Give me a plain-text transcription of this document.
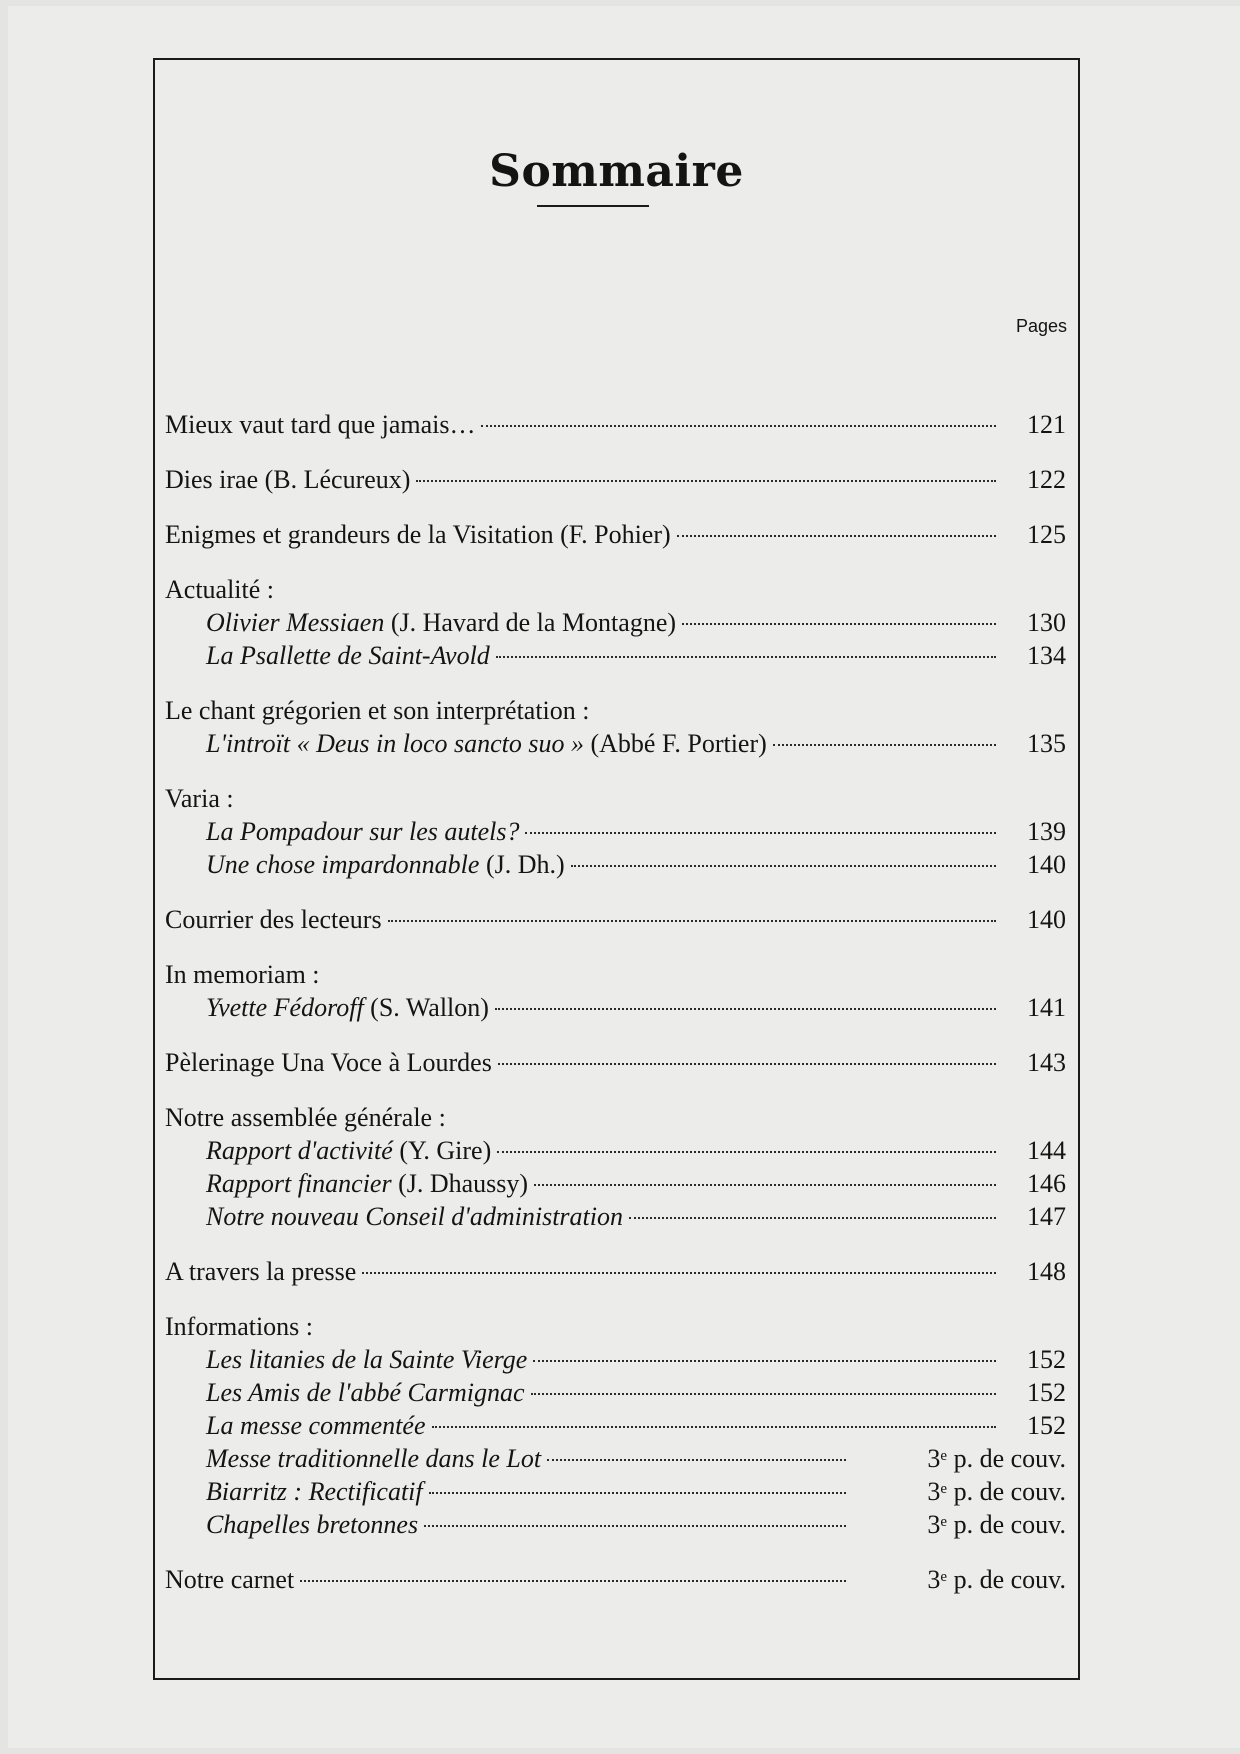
Sommaire
Pages
Mieux vaut tard que jamais…	121
Dies irae (B. Lécureux)	122
Enigmes et grandeurs de la Visitation (F. Pohier)	125
Actualité :
Olivier Messiaen (J. Havard de la Montagne)	130
La Psallette de Saint-Avold	134
Le chant grégorien et son interprétation :
L'introït « Deus in loco sancto suo » (Abbé F. Portier)	135
Varia :
La Pompadour sur les autels?	139
Une chose impardonnable (J. Dh.)	140
Courrier des lecteurs	140
In memoriam :
Yvette Fédoroff (S. Wallon)	141
Pèlerinage Una Voce à Lourdes	143
Notre assemblée générale :
Rapport d'activité (Y. Gire)	144
Rapport financier (J. Dhaussy)	146
Notre nouveau Conseil d'administration	147
A travers la presse	148
Informations :
Les litanies de la Sainte Vierge	152
Les Amis de l'abbé Carmignac	152
La messe commentée	152
Messe traditionnelle dans le Lot	3e p. de couv.
Biarritz : Rectificatif	3e p. de couv.
Chapelles bretonnes	3e p. de couv.
Notre carnet	3e p. de couv.
